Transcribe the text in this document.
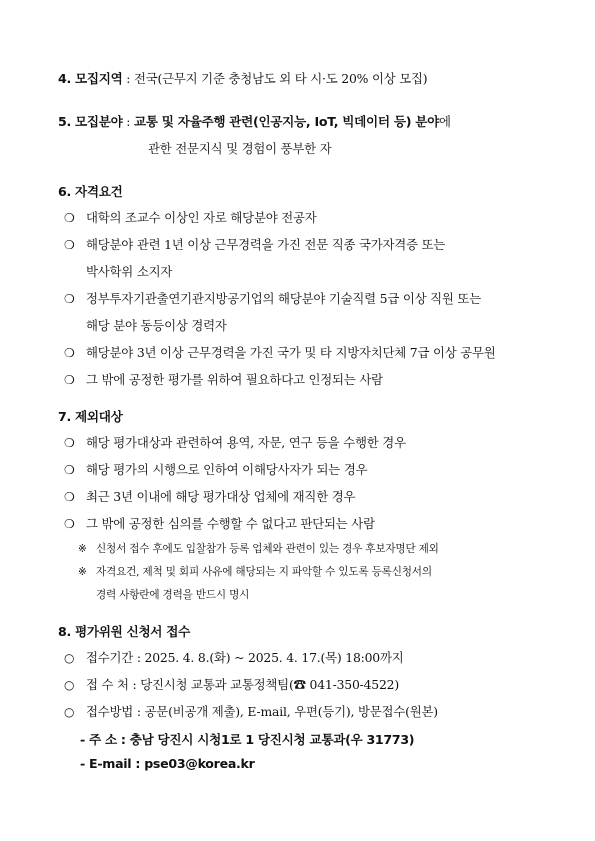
4. 모집지역 : 전국(근무지 기준 충청남도 외 타 시·도 20% 이상 모집)
5. 모집분야 : 교통 및 자율주행 관련(인공지능, IoT, 빅데이터 등) 분야에
관한 전문지식 및 경험이 풍부한 자
6. 자격요건
❍ 대학의 조교수 이상인 자로 해당분야 전공자
❍ 해당분야 관련 1년 이상 근무경력을 가진 전문 직종 국가자격증 또는
박사학위 소지자
❍ 정부투자기관출연기관지방공기업의 해당분야 기술직렬 5급 이상 직원 또는
해당 분야 동등이상 경력자
❍ 해당분야 3년 이상 근무경력을 가진 국가 및 타 지방자치단체 7급 이상 공무원
❍ 그 밖에 공정한 평가를 위하여 필요하다고 인정되는 사람
7. 제외대상
❍ 해당 평가대상과 관련하여 용역, 자문, 연구 등을 수행한 경우
❍ 해당 평가의 시행으로 인하여 이해당사자가 되는 경우
❍ 최근 3년 이내에 해당 평가대상 업체에 재직한 경우
❍ 그 밖에 공정한 심의를 수행할 수 없다고 판단되는 사람
※ 신청서 접수 후에도 입찰참가 등록 업체와 관련이 있는 경우 후보자명단 제외
※ 자격요건, 제척 및 회피 사유에 해당되는 지 파악할 수 있도록 등록신청서의
경력 사항란에 경력을 반드시 명시
8. 평가위원 신청서 접수
○ 접수기간 : 2025. 4. 8.(화) ~ 2025. 4. 17.(목) 18:00까지
○ 접 수 처 : 당진시청 교통과 교통정책팀(☎ 041-350-4522)
○ 접수방법 : 공문(비공개 제출), E-mail, 우편(등기), 방문접수(원본)
- 주 소 : 충남 당진시 시청1로 1 당진시청 교통과(우 31773)
- E-mail : pse03@korea.kr
